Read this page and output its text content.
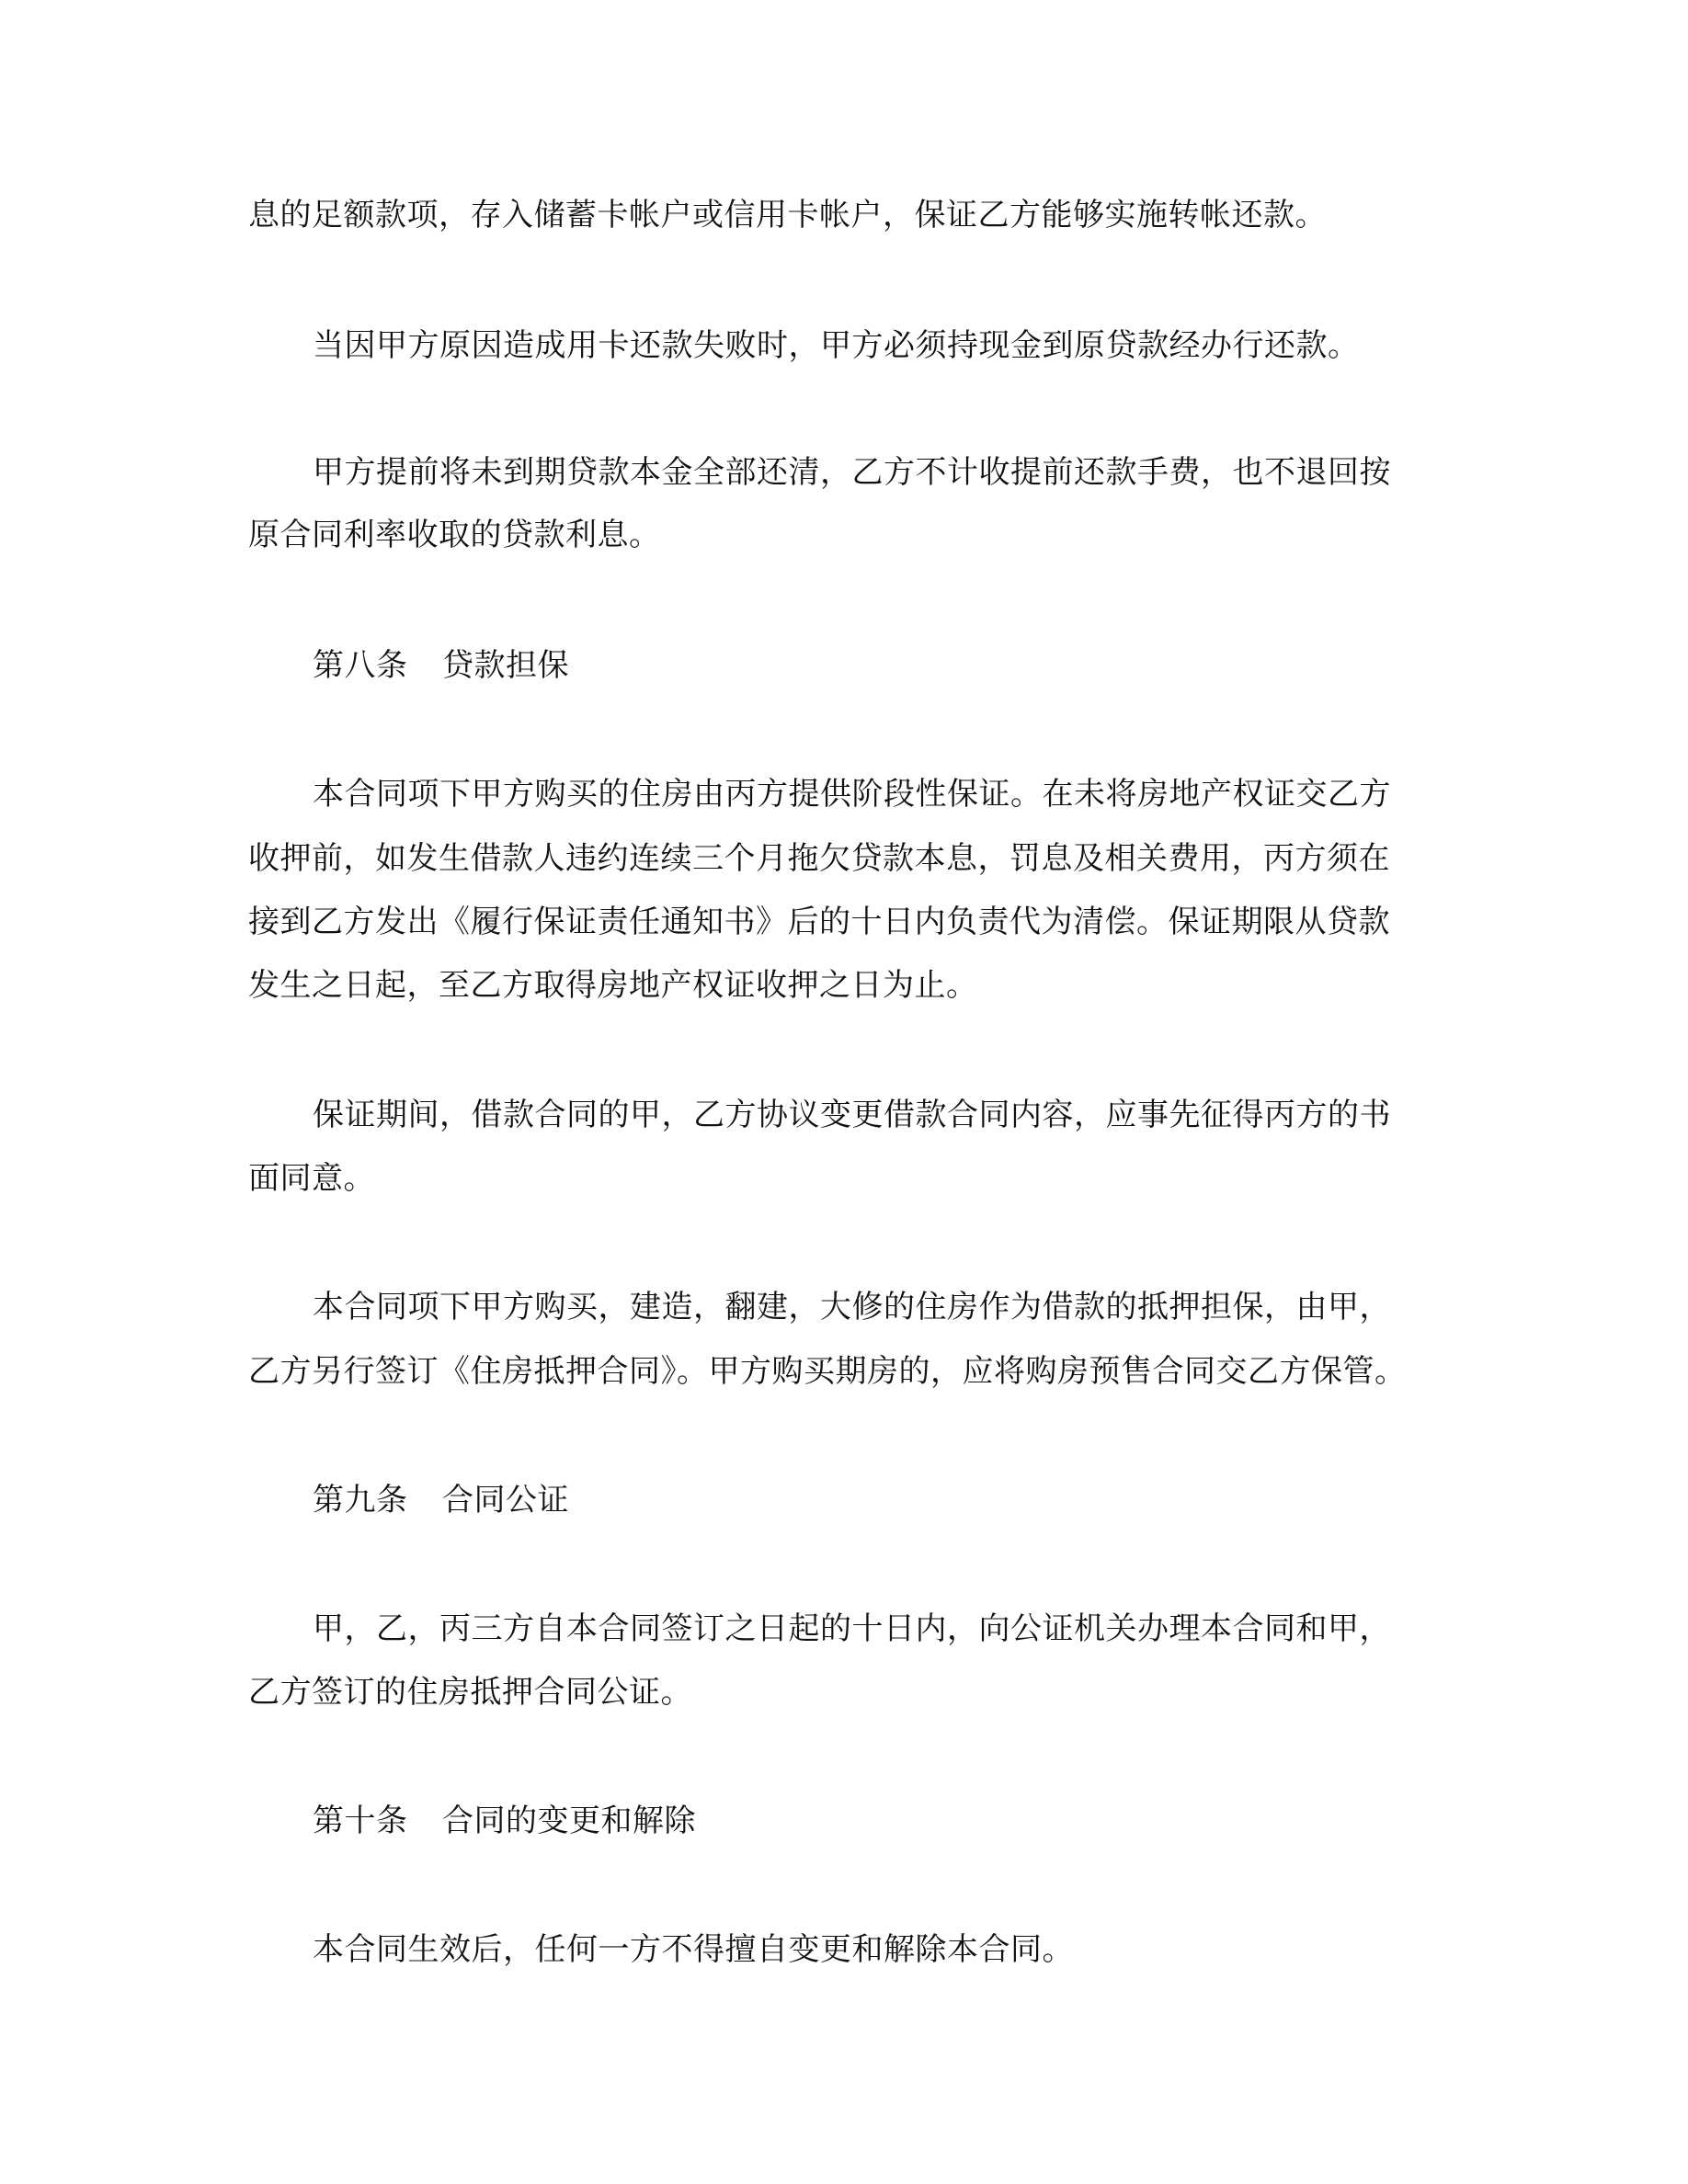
息的足额款项，存入储蓄卡帐户或信用卡帐户，保证乙方能够实施转帐还款。

当因甲方原因造成用卡还款失败时，甲方必须持现金到原贷款经办行还款。

甲方提前将未到期贷款本金全部还清，乙方不计收提前还款手费，也不退回按

原合同利率收取的贷款利息。

第八条 贷款担保

本合同项下甲方购买的住房由丙方提供阶段性保证。在未将房地产权证交乙方

收押前，如发生借款人违约连续三个月拖欠贷款本息，罚息及相关费用，丙方须在

接到乙方发出《履行保证责任通知书》后的十日内负责代为清偿。保证期限从贷款

发生之日起，至乙方取得房地产权证收押之日为止。

保证期间，借款合同的甲，乙方协议变更借款合同内容，应事先征得丙方的书

面同意。

本合同项下甲方购买，建造，翻建，大修的住房作为借款的抵押担保，由甲，

乙方另行签订《住房抵押合同》。甲方购买期房的，应将购房预售合同交乙方保管。

第九条 合同公证

甲，乙，丙三方自本合同签订之日起的十日内，向公证机关办理本合同和甲，

乙方签订的住房抵押合同公证。

第十条 合同的变更和解除

本合同生效后，任何一方不得擅自变更和解除本合同。
